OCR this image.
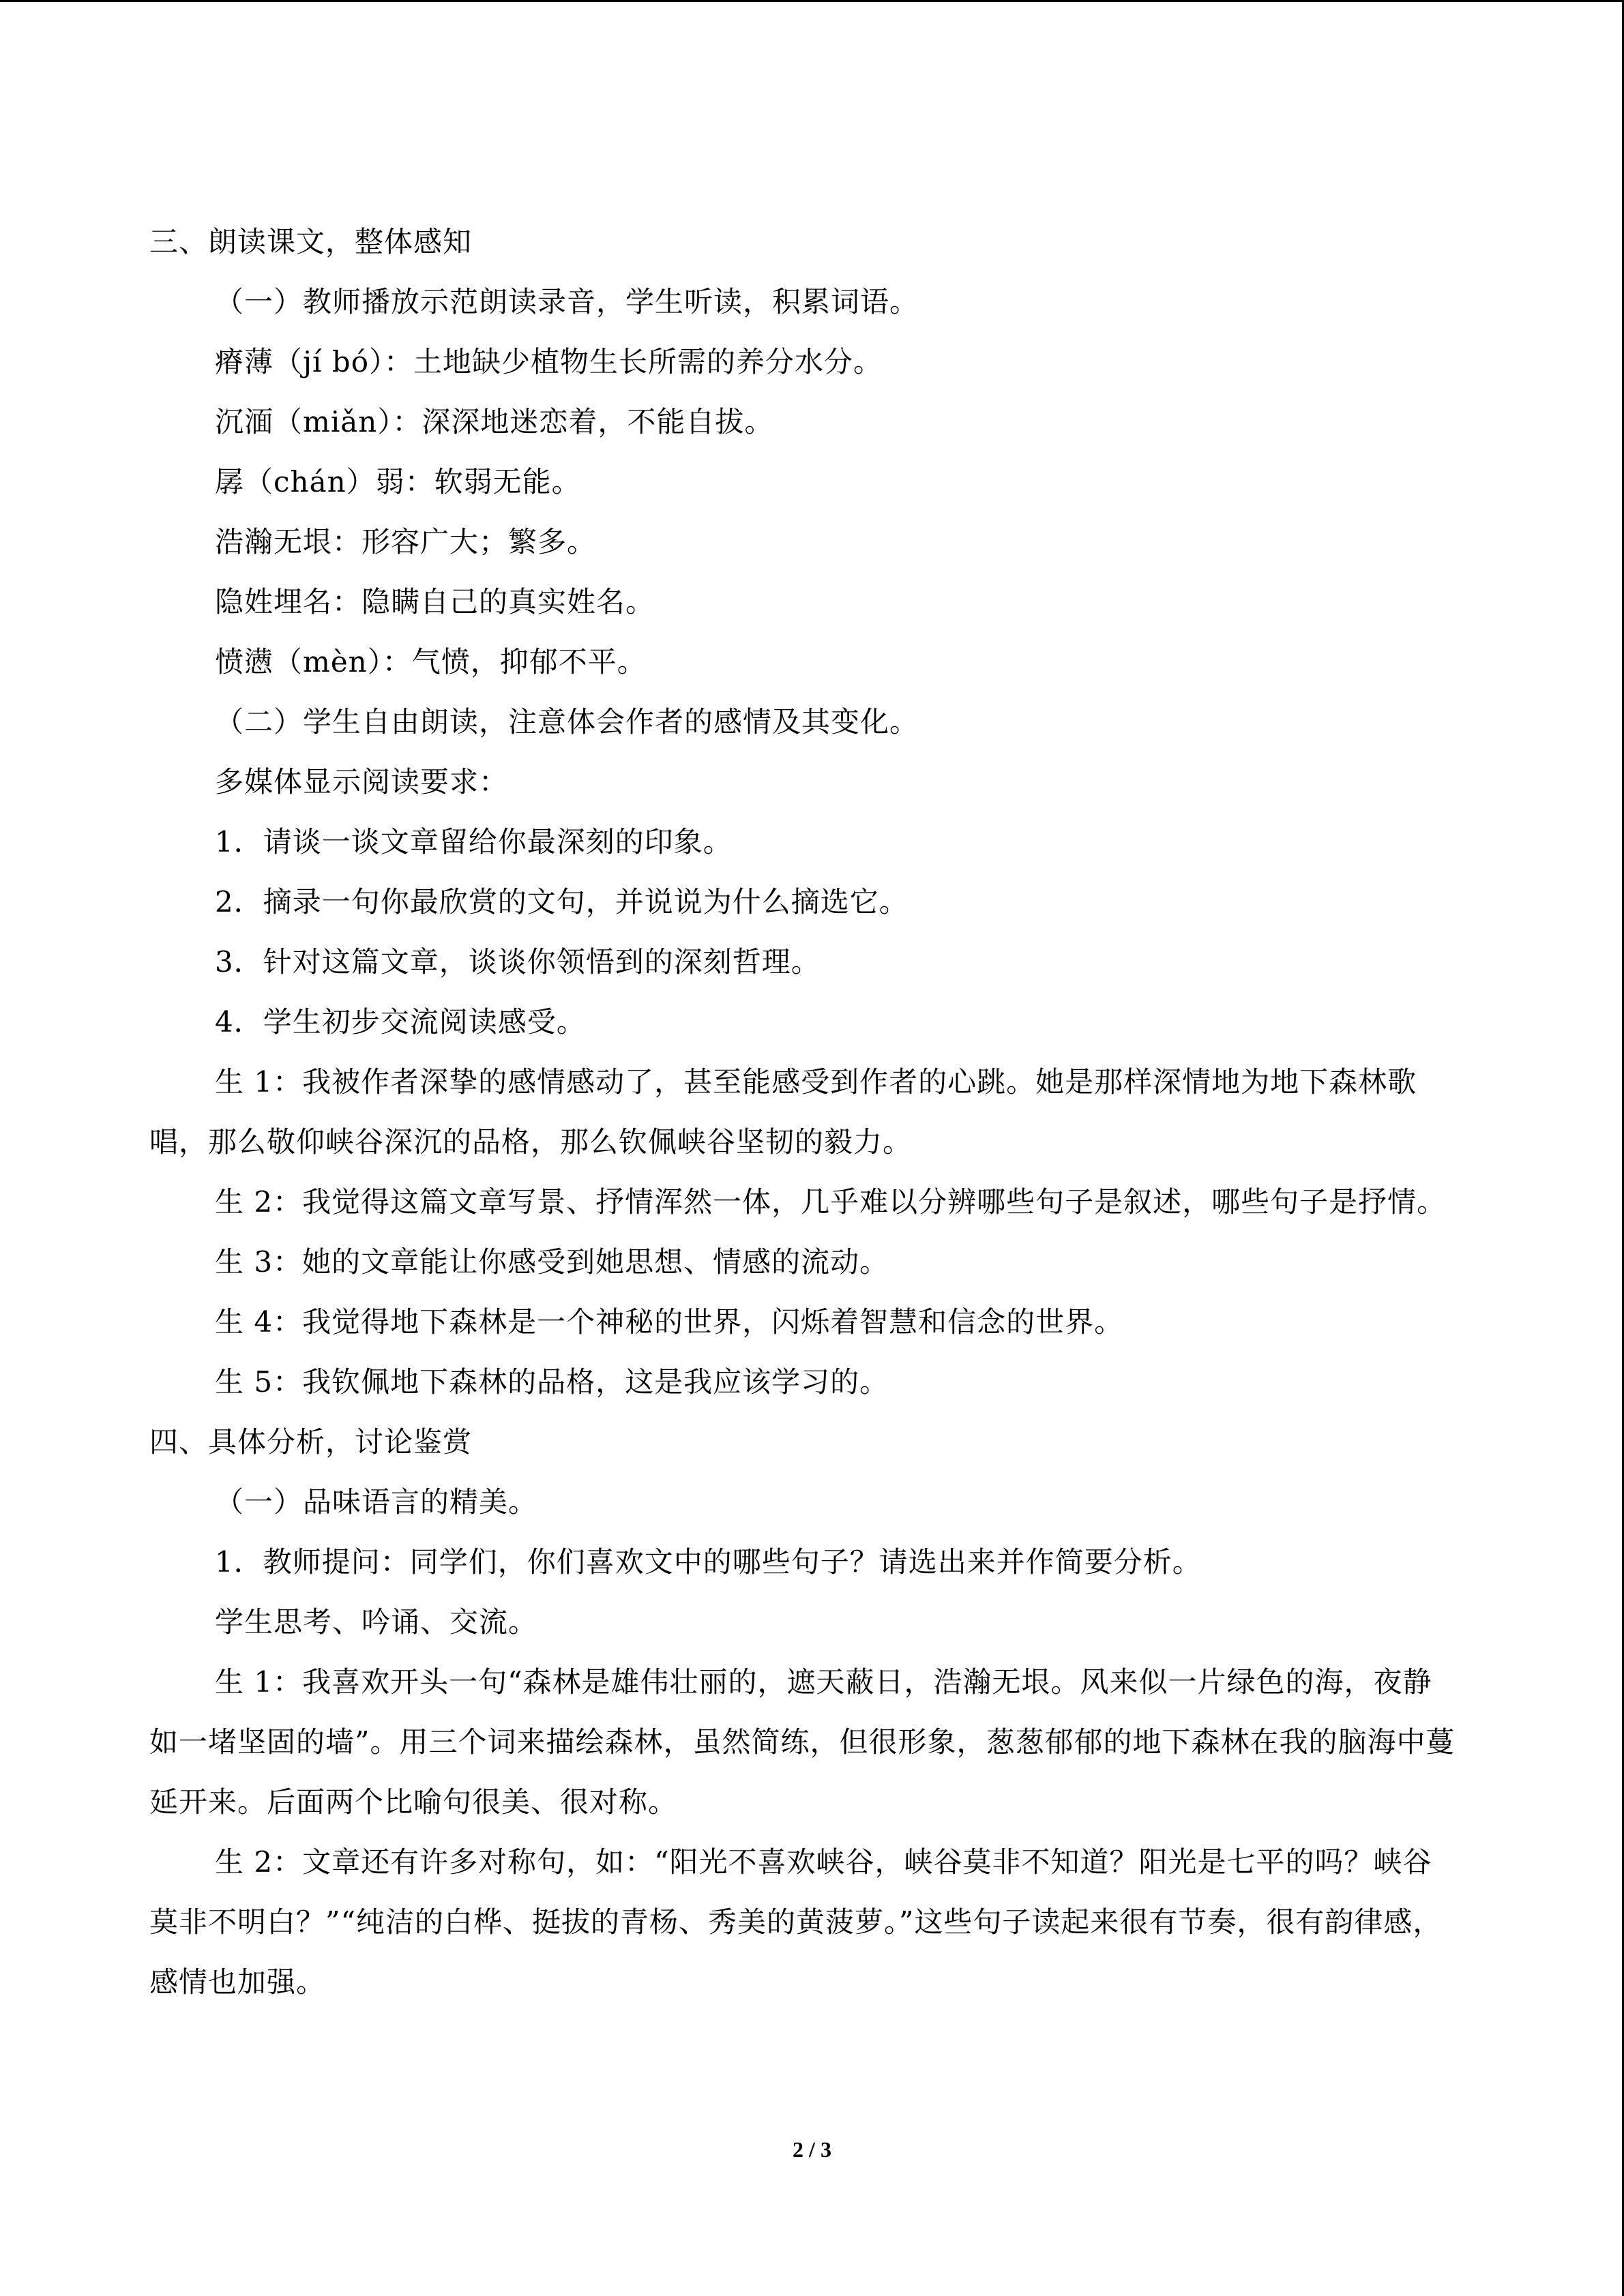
三、朗读课文，整体感知

（一）教师播放示范朗读录音，学生听读，积累词语。

瘠薄（jí bó）：土地缺少植物生长所需的养分水分。

沉湎（miǎn）：深深地迷恋着，不能自拔。

孱（chán）弱：软弱无能。

浩瀚无垠：形容广大；繁多。

隐姓埋名：隐瞒自己的真实姓名。

愤懑（mèn）：气愤，抑郁不平。

（二）学生自由朗读，注意体会作者的感情及其变化。

多媒体显示阅读要求：

1．请谈一谈文章留给你最深刻的印象。

2．摘录一句你最欣赏的文句，并说说为什么摘选它。

3．针对这篇文章，谈谈你领悟到的深刻哲理。

4．学生初步交流阅读感受。

生 1：我被作者深挚的感情感动了，甚至能感受到作者的心跳。她是那样深情地为地下森林歌唱，那么敬仰峡谷深沉的品格，那么钦佩峡谷坚韧的毅力。

生 2：我觉得这篇文章写景、抒情浑然一体，几乎难以分辨哪些句子是叙述，哪些句子是抒情。

生 3：她的文章能让你感受到她思想、情感的流动。

生 4：我觉得地下森林是一个神秘的世界，闪烁着智慧和信念的世界。

生 5：我钦佩地下森林的品格，这是我应该学习的。

四、具体分析，讨论鉴赏

（一）品味语言的精美。

1．教师提问：同学们，你们喜欢文中的哪些句子？请选出来并作简要分析。

学生思考、吟诵、交流。

生 1：我喜欢开头一句“森林是雄伟壮丽的，遮天蔽日，浩瀚无垠。风来似一片绿色的海，夜静如一堵坚固的墙”。用三个词来描绘森林，虽然简练，但很形象，葱葱郁郁的地下森林在我的脑海中蔓延开来。后面两个比喻句很美、很对称。

生 2：文章还有许多对称句，如：“阳光不喜欢峡谷，峡谷莫非不知道？阳光是七平的吗？峡谷莫非不明白？”“纯洁的白桦、挺拔的青杨、秀美的黄菠萝。”这些句子读起来很有节奏，很有韵律感，感情也加强。

2 / 3
